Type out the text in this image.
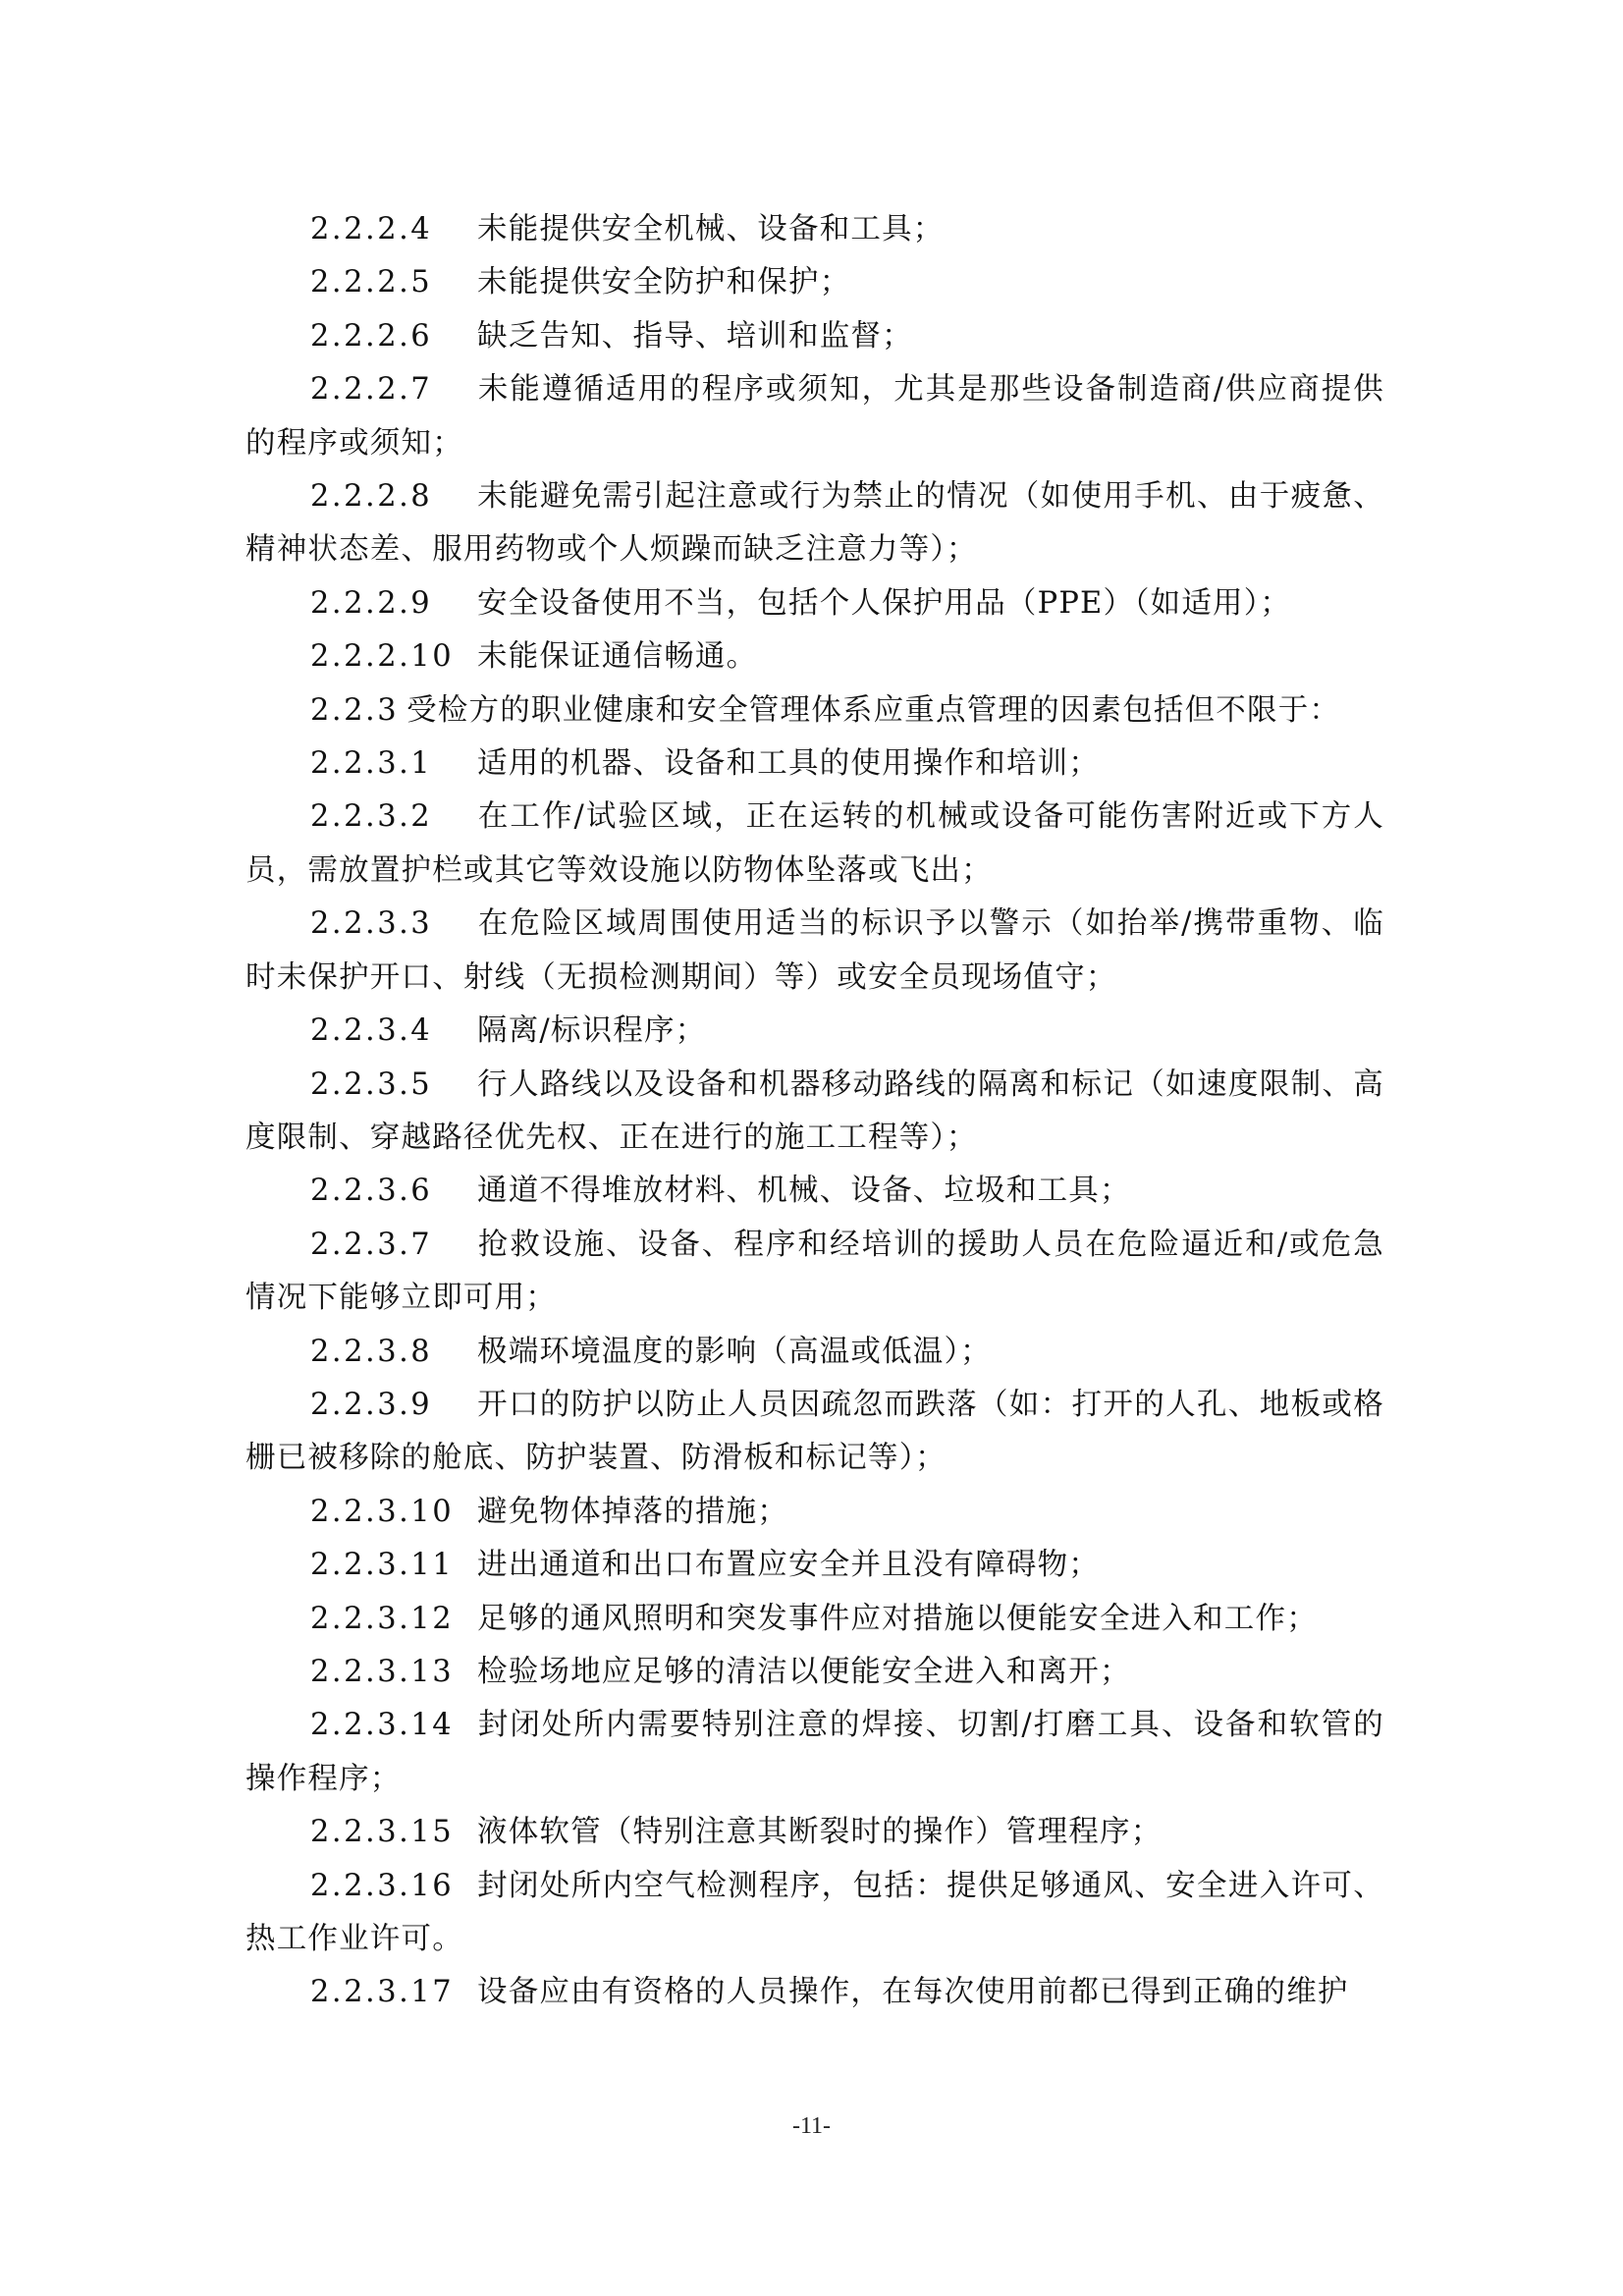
2.2.2.4 未能提供安全机械、设备和工具；

2.2.2.5 未能提供安全防护和保护；

2.2.2.6 缺乏告知、指导、培训和监督；

2.2.2.7 未能遵循适用的程序或须知，尤其是那些设备制造商/供应商提供的程序或须知；

2.2.2.8 未能避免需引起注意或行为禁止的情况（如使用手机、由于疲惫、精神状态差、服用药物或个人烦躁而缺乏注意力等）；

2.2.2.9 安全设备使用不当，包括个人保护用品（PPE）（如适用）；

2.2.2.10 未能保证通信畅通。

2.2.3 受检方的职业健康和安全管理体系应重点管理的因素包括但不限于：

2.2.3.1 适用的机器、设备和工具的使用操作和培训；

2.2.3.2 在工作/试验区域，正在运转的机械或设备可能伤害附近或下方人员，需放置护栏或其它等效设施以防物体坠落或飞出；

2.2.3.3 在危险区域周围使用适当的标识予以警示（如抬举/携带重物、临时未保护开口、射线（无损检测期间）等）或安全员现场值守；

2.2.3.4 隔离/标识程序；

2.2.3.5 行人路线以及设备和机器移动路线的隔离和标记（如速度限制、高度限制、穿越路径优先权、正在进行的施工工程等）；

2.2.3.6 通道不得堆放材料、机械、设备、垃圾和工具；

2.2.3.7 抢救设施、设备、程序和经培训的援助人员在危险逼近和/或危急情况下能够立即可用；

2.2.3.8 极端环境温度的影响（高温或低温）；

2.2.3.9 开口的防护以防止人员因疏忽而跌落（如：打开的人孔、地板或格栅已被移除的舱底、防护装置、防滑板和标记等）；

2.2.3.10 避免物体掉落的措施；

2.2.3.11 进出通道和出口布置应安全并且没有障碍物；

2.2.3.12 足够的通风照明和突发事件应对措施以便能安全进入和工作；

2.2.3.13 检验场地应足够的清洁以便能安全进入和离开；

2.2.3.14 封闭处所内需要特别注意的焊接、切割/打磨工具、设备和软管的操作程序；

2.2.3.15 液体软管（特别注意其断裂时的操作）管理程序；

2.2.3.16 封闭处所内空气检测程序，包括：提供足够通风、安全进入许可、热工作业许可。

2.2.3.17 设备应由有资格的人员操作，在每次使用前都已得到正确的维护

-11-
